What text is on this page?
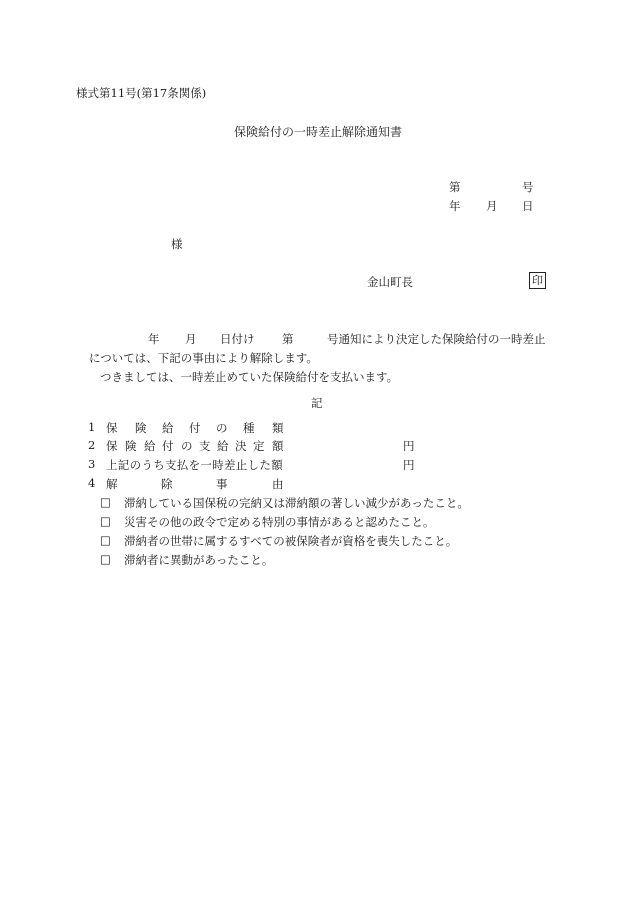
様式第11号(第17条関係)
保険給付の一時差止解除通知書
第	号
年 月 日
様
金山町長	印
年 月 日付け 第	号通知により決定した保険給付の一時差止
については、下記の事由により解除します。
つきましては、一時差止めていた保険給付を支払います。
記
1 保 険 給 付 の 種 類
2 保 険 給 付 の 支 給 決 定 額	円
3 上記のうち支払を一時差止した額	円
4 解	除	事	由
□ 滞納している国保税の完納又は滞納額の著しい減少があったこと。
□ 災害その他の政令で定める特別の事情があると認めたこと。
□ 滞納者の世帯に属するすべての被保険者が資格を喪失したこと。
□ 滞納者に異動があったこと。
